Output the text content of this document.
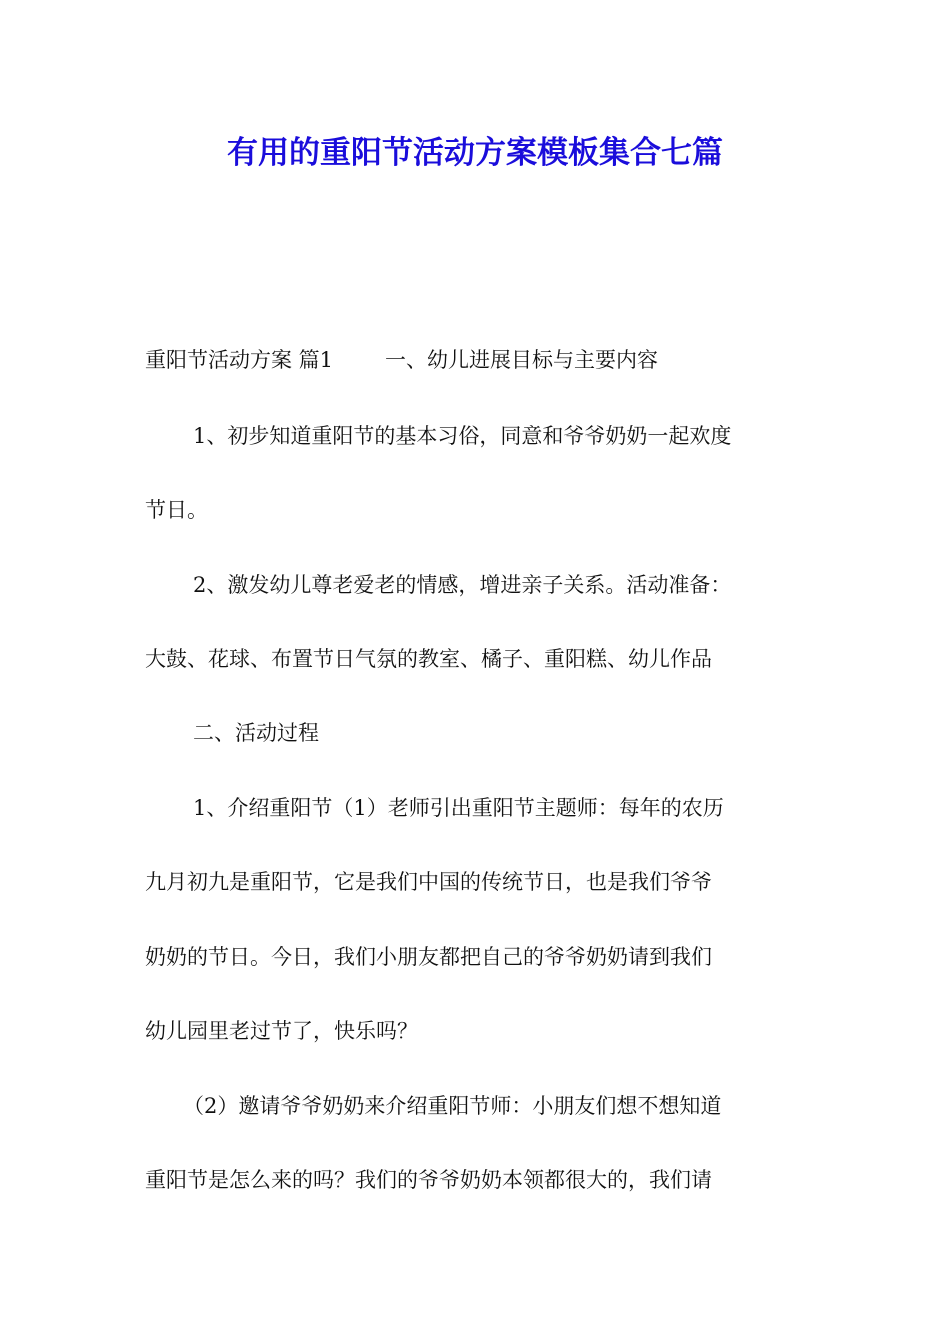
有用的重阳节活动方案模板集合七篇

重阳节活动方案 篇1 一、幼儿进展目标与主要内容

1、初步知道重阳节的基本习俗，同意和爷爷奶奶一起欢度

节日。

2、激发幼儿尊老爱老的情感，增进亲子关系。活动准备：

大鼓、花球、布置节日气氛的教室、橘子、重阳糕、幼儿作品

二、活动过程

1、介绍重阳节（1）老师引出重阳节主题师：每年的农历

九月初九是重阳节，它是我们中国的传统节日，也是我们爷爷

奶奶的节日。今日，我们小朋友都把自己的爷爷奶奶请到我们

幼儿园里老过节了，快乐吗？

（2）邀请爷爷奶奶来介绍重阳节师：小朋友们想不想知道

重阳节是怎么来的吗？我们的爷爷奶奶本领都很大的，我们请
